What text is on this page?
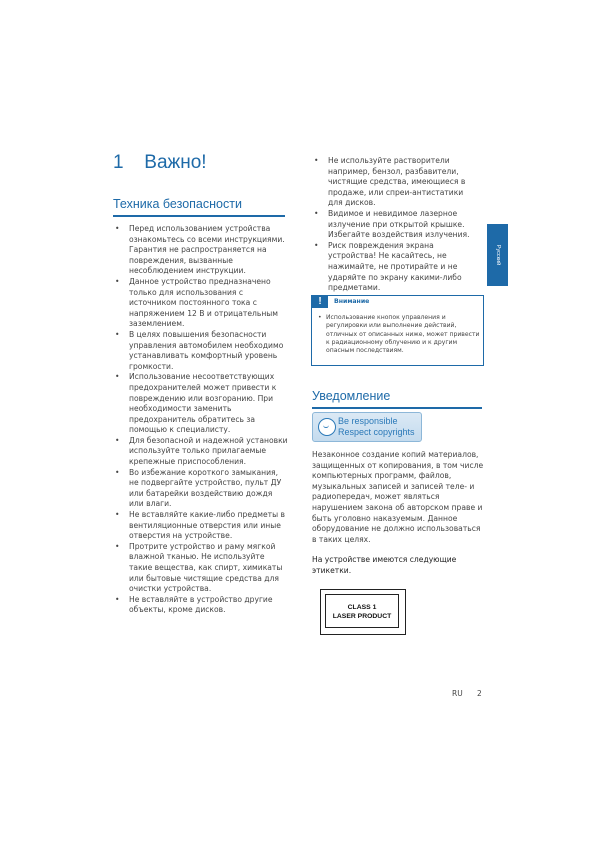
1 Важно!
Техника безопасности
• Перед использованием устройства ознакомьтесь со всеми инструкциями. Гарантия не распространяется на повреждения, вызванные несоблюдением инструкции.
• Данное устройство предназначено только для использования с источником постоянного тока с напряжением 12 В и отрицательным заземлением.
• В целях повышения безопасности управления автомобилем необходимо устанавливать комфортный уровень громкости.
• Использование несоответствующих предохранителей может привести к повреждению или возгоранию. При необходимости заменить предохранитель обратитесь за помощью к специалисту.
• Для безопасной и надежной установки используйте только прилагаемые крепежные приспособления.
• Во избежание короткого замыкания, не подвергайте устройство, пульт ДУ или батарейки воздействию дождя или влаги.
• Не вставляйте какие-либо предметы в вентиляционные отверстия или иные отверстия на устройстве.
• Протрите устройство и раму мягкой влажной тканью. Не используйте такие вещества, как спирт, химикаты или бытовые чистящие средства для очистки устройства.
• Не вставляйте в устройство другие объекты, кроме дисков.
• Не используйте растворители например, бензол, разбавители, чистящие средства, имеющиеся в продаже, или спреи-антистатики для дисков.
• Видимое и невидимое лазерное излучение при открытой крышке. Избегайте воздействия излучения.
• Риск повреждения экрана устройства! Не касайтесь, не нажимайте, не протирайте и не ударяйте по экрану какими-либо предметами.
Русский
!	Внимание
• Использование кнопок управления и регулировки или выполнение действий, отличных от описанных ниже, может привести к радиационному облучению и к другим опасным последствиям.
Уведомление
Be responsible
Respect copyrights
Незаконное создание копий материалов, защищенных от копирования, в том числе компьютерных программ, файлов, музыкальных записей и записей теле- и радиопередач, может являться нарушением закона об авторском праве и быть уголовно наказуемым. Данное оборудование не должно использоваться в таких целях.
На устройстве имеются следующие этикетки.
CLASS 1
LASER PRODUCT
RU 2
